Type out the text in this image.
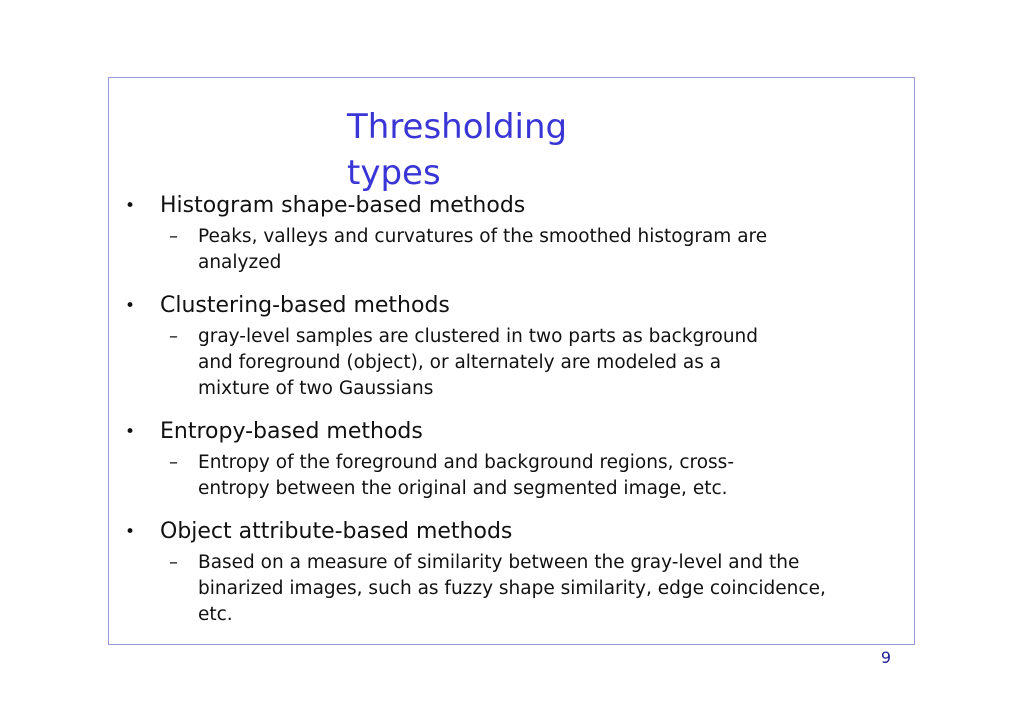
Thresholding types
• Histogram shape-based methods
– Peaks, valleys and curvatures of the smoothed histogram are
analyzed
• Clustering-based methods
– gray-level samples are clustered in two parts as background
and foreground (object), or alternately are modeled as a
mixture of two Gaussians
• Entropy-based methods
– Entropy of the foreground and background regions, cross-
entropy between the original and segmented image, etc.
• Object attribute-based methods
– Based on a measure of similarity between the gray-level and the
binarized images, such as fuzzy shape similarity, edge coincidence,
etc.
9
